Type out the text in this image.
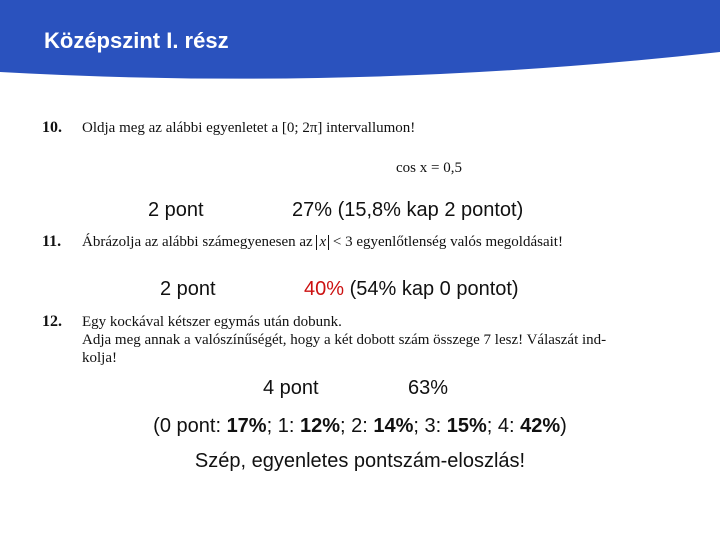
Középszint I. rész
10. Oldja meg az alábbi egyenletet a [0; 2π] intervallumon!
cos x = 0,5
2 pont	27% (15,8% kap 2 pontot)
11. Ábrázolja az alábbi számegyenesen az x < 3 egyenlőtlenség valós megoldásait!
2 pont	40% (54% kap 0 pontot)
12. Egy kockával kétszer egymás után dobunk.
Adja meg annak a valószínűségét, hogy a két dobott szám összege 7 lesz! Válaszát ind-
kolja!
4 pont	63%
(0 pont: 17%; 1: 12%; 2: 14%; 3: 15%; 4: 42%)
Szép, egyenletes pontszám-eloszlás!
